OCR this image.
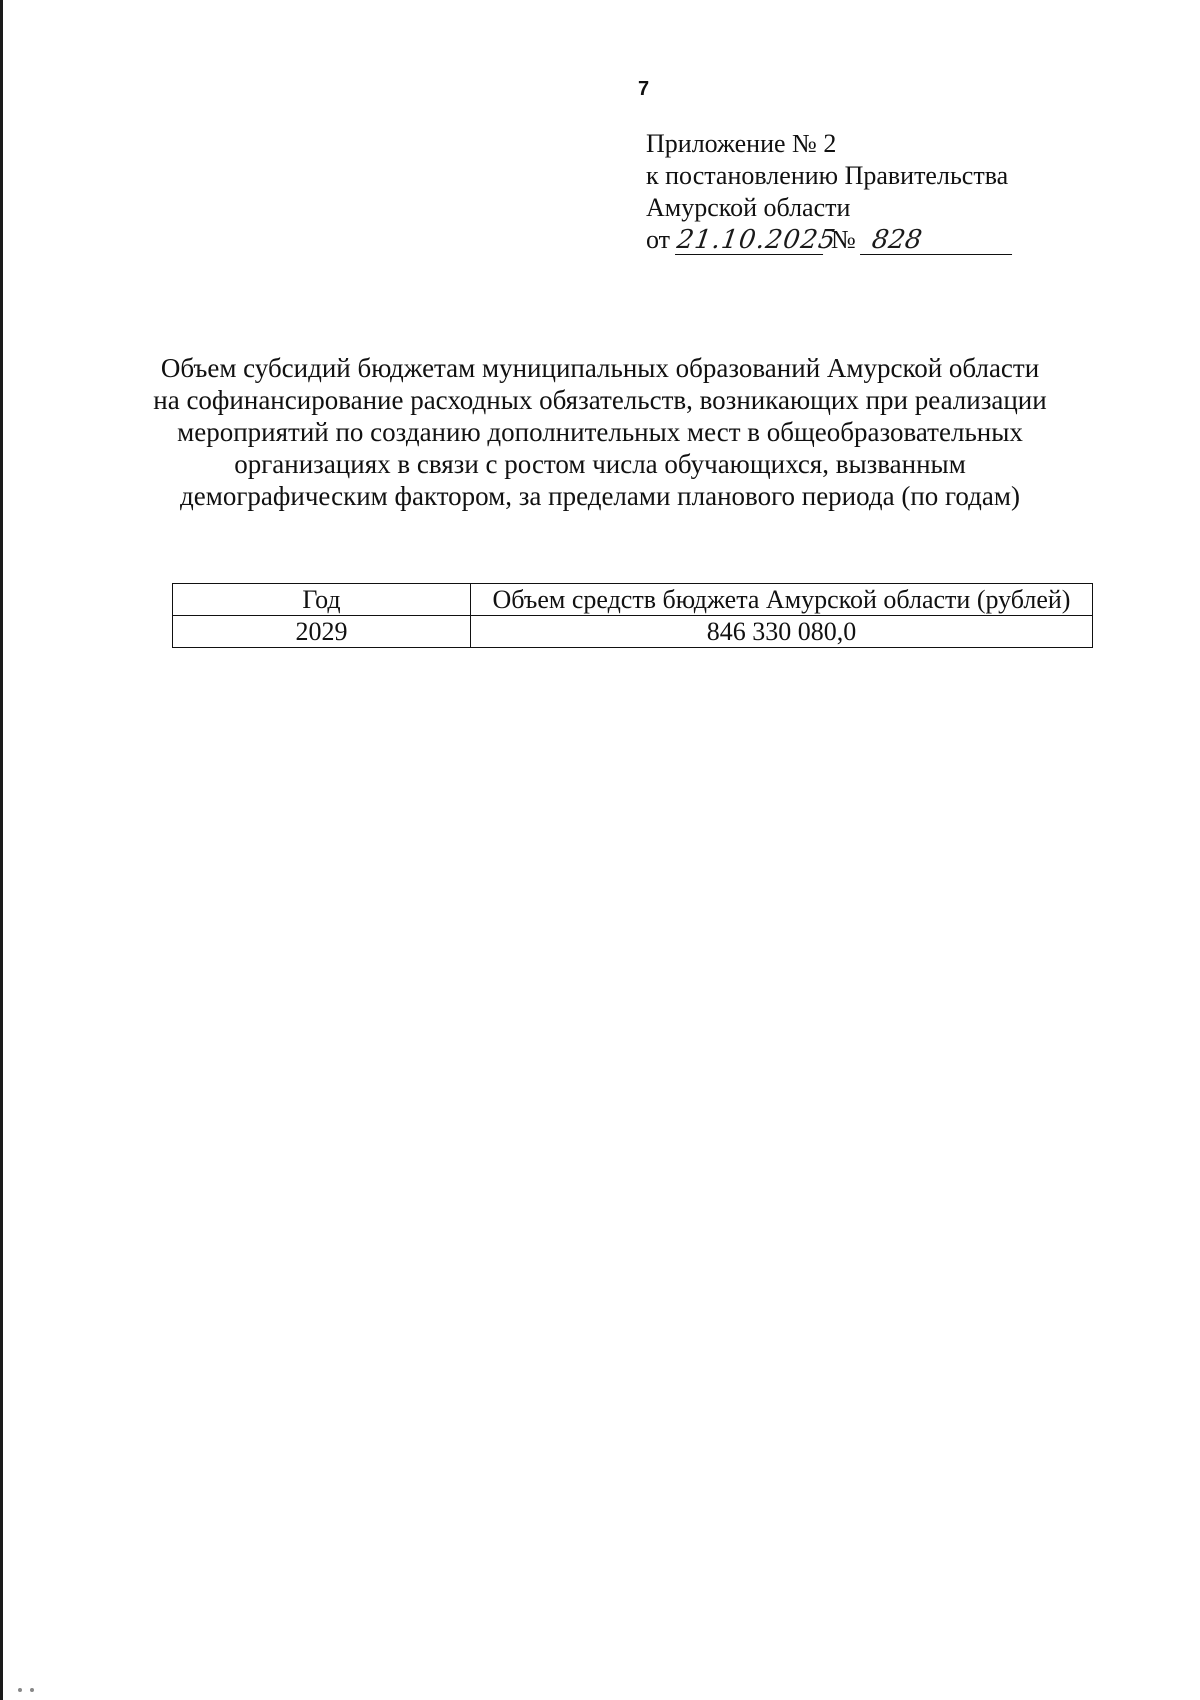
7
Приложение № 2
к постановлению Правительства
Амурской области
от 21.10.2025 № 828
Объем субсидий бюджетам муниципальных образований Амурской области
на софинансирование расходных обязательств, возникающих при реализации
мероприятий по созданию дополнительных мест в общеобразовательных
организациях в связи с ростом числа обучающихся, вызванным
демографическим фактором, за пределами планового периода (по годам)
Год	Объем средств бюджета Амурской области (рублей)
2029	846 330 080,0
